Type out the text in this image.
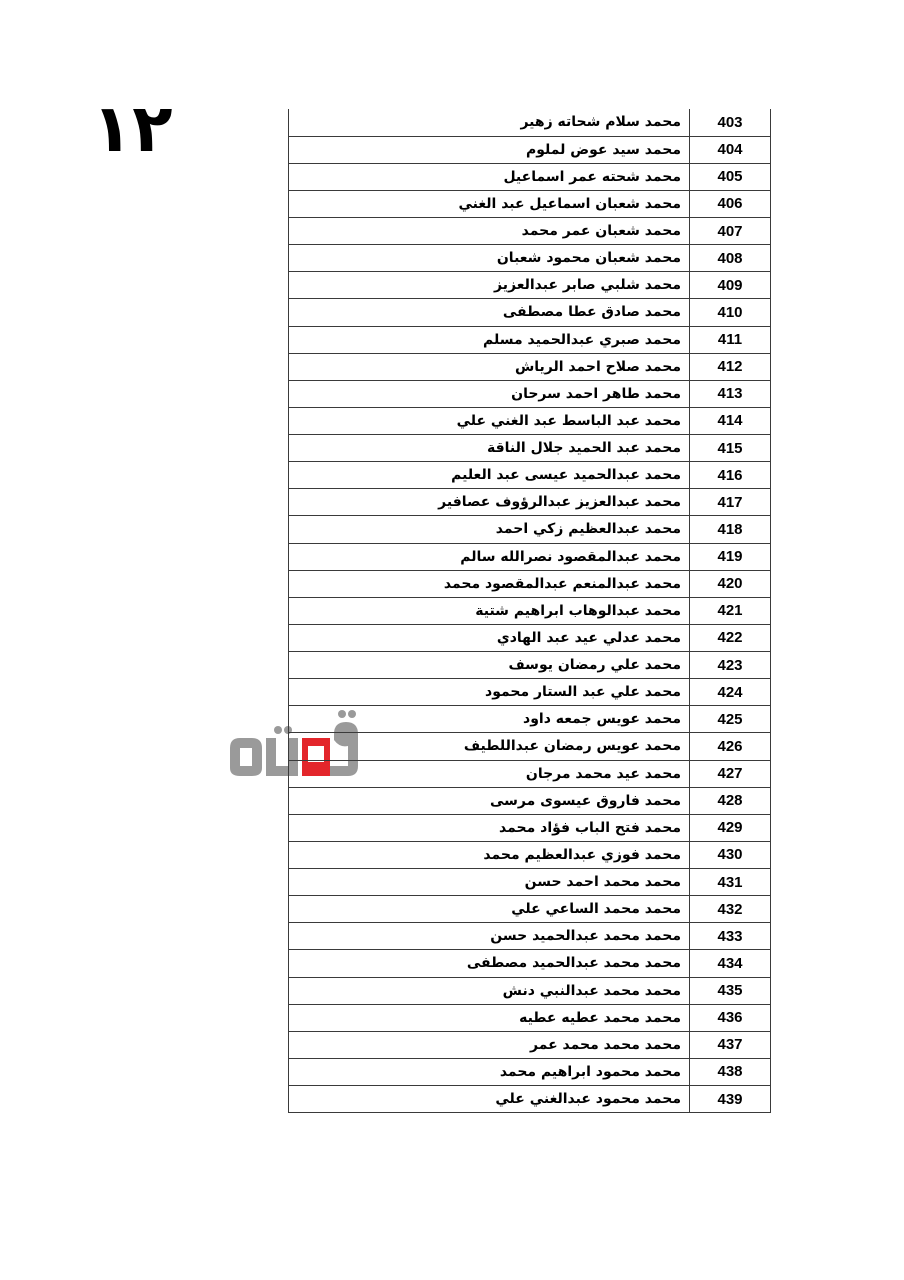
١٢	محمد سلام شحاته زهير	403
محمد سيد عوض لملوم	404
محمد شحته عمر اسماعيل	405
محمد شعبان اسماعيل عبد الغني	406
محمد شعبان عمر محمد	407
محمد شعبان محمود شعبان	408
محمد شلبي صابر عبدالعزيز	409
محمد صادق عطا مصطفى	410
محمد صبري عبدالحميد مسلم	411
محمد صلاح احمد الرياش	412
محمد طاهر احمد سرحان	413
محمد عبد الباسط عبد الغني علي	414
محمد عبد الحميد جلال الناقة	415
محمد عبدالحميد عيسى عبد العليم	416
محمد عبدالعزيز عبدالرؤوف عصافير	417
محمد عبدالعظيم زكي احمد	418
محمد عبدالمقصود نصرالله سالم	419
محمد عبدالمنعم عبدالمقصود محمد	420
محمد عبدالوهاب ابراهيم شتية	421
محمد عدلي عيد عبد الهادي	422
محمد علي رمضان يوسف	423
محمد علي عبد الستار محمود	424
محمد عويس جمعه داود	425
محمد عويس رمضان عبداللطيف	426
محمد عيد محمد مرجان	427
محمد فاروق عيسوى مرسى	428
محمد فتح الباب فؤاد محمد	429
محمد فوزي عبدالعظيم محمد	430
محمد محمد احمد حسن	431
محمد محمد الساعي علي	432
محمد محمد عبدالحميد حسن	433
محمد محمد عبدالحميد مصطفى	434
محمد محمد عبدالنبي دنش	435
محمد محمد عطيه عطيه	436
محمد محمد محمد عمر	437
محمد محمود ابراهيم محمد	438
محمد محمود عبدالغني علي	439
